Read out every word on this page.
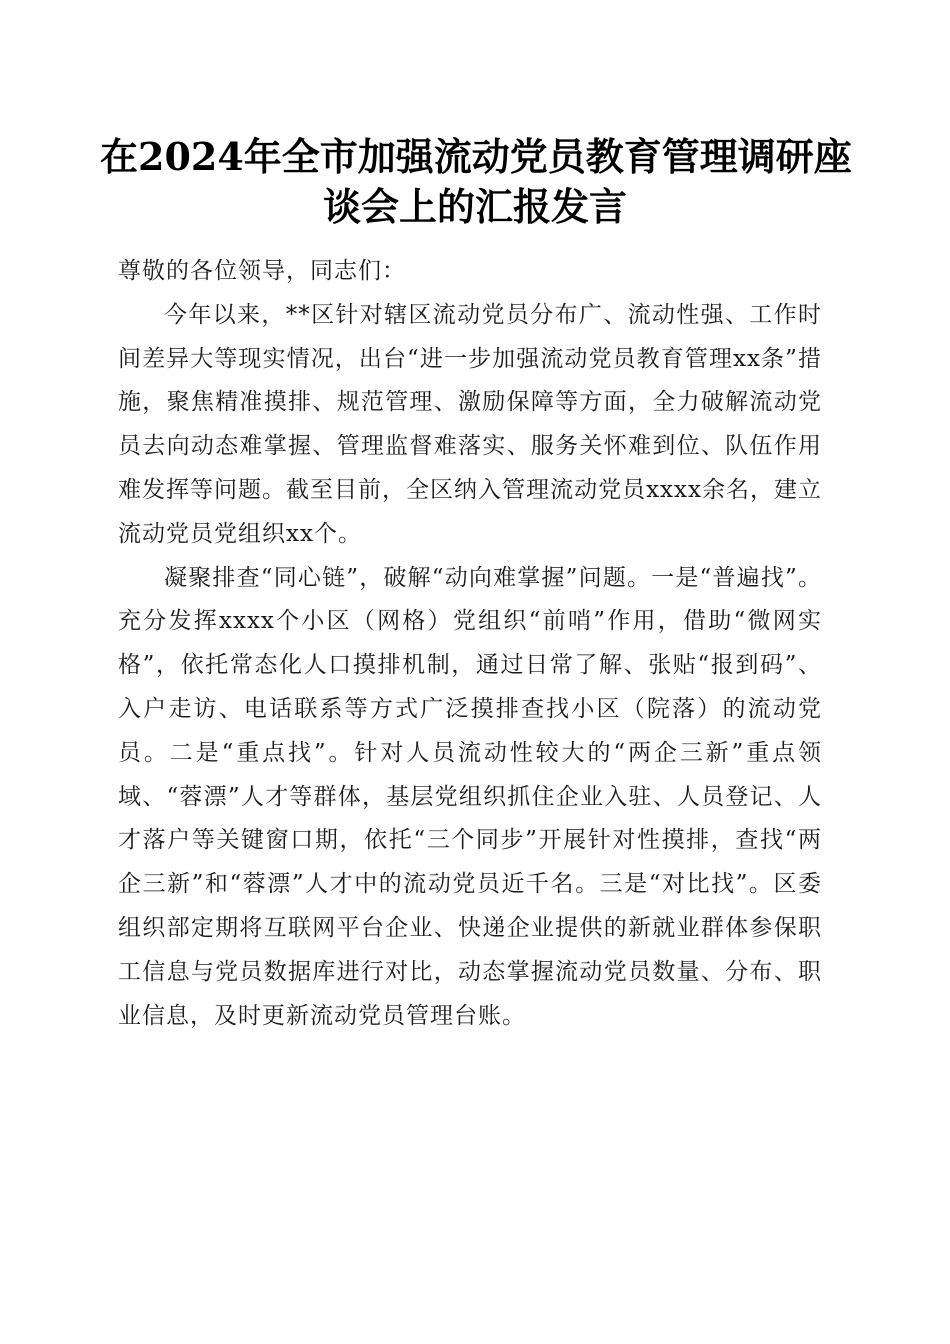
在2024年全市加强流动党员教育管理调研座
谈会上的汇报发言

尊敬的各位领导，同志们：

今年以来，**区针对辖区流动党员分布广、流动性强、工作时间差异大等现实情况，出台“进一步加强流动党员教育管理xx条”措施，聚焦精准摸排、规范管理、激励保障等方面，全力破解流动党员去向动态难掌握、管理监督难落实、服务关怀难到位、队伍作用难发挥等问题。截至目前，全区纳入管理流动党员xxxx余名，建立流动党员党组织xx个。

凝聚排查“同心链”，破解“动向难掌握”问题。一是“普遍找”。充分发挥xxxx个小区（网格）党组织“前哨”作用，借助“微网实格”，依托常态化人口摸排机制，通过日常了解、张贴“报到码”、入户走访、电话联系等方式广泛摸排查找小区（院落）的流动党员。二是“重点找”。针对人员流动性较大的“两企三新”重点领域、“蓉漂”人才等群体，基层党组织抓住企业入驻、人员登记、人才落户等关键窗口期，依托“三个同步”开展针对性摸排，查找“两企三新”和“蓉漂”人才中的流动党员近千名。三是“对比找”。区委组织部定期将互联网平台企业、快递企业提供的新就业群体参保职工信息与党员数据库进行对比，动态掌握流动党员数量、分布、职业信息，及时更新流动党员管理台账。
